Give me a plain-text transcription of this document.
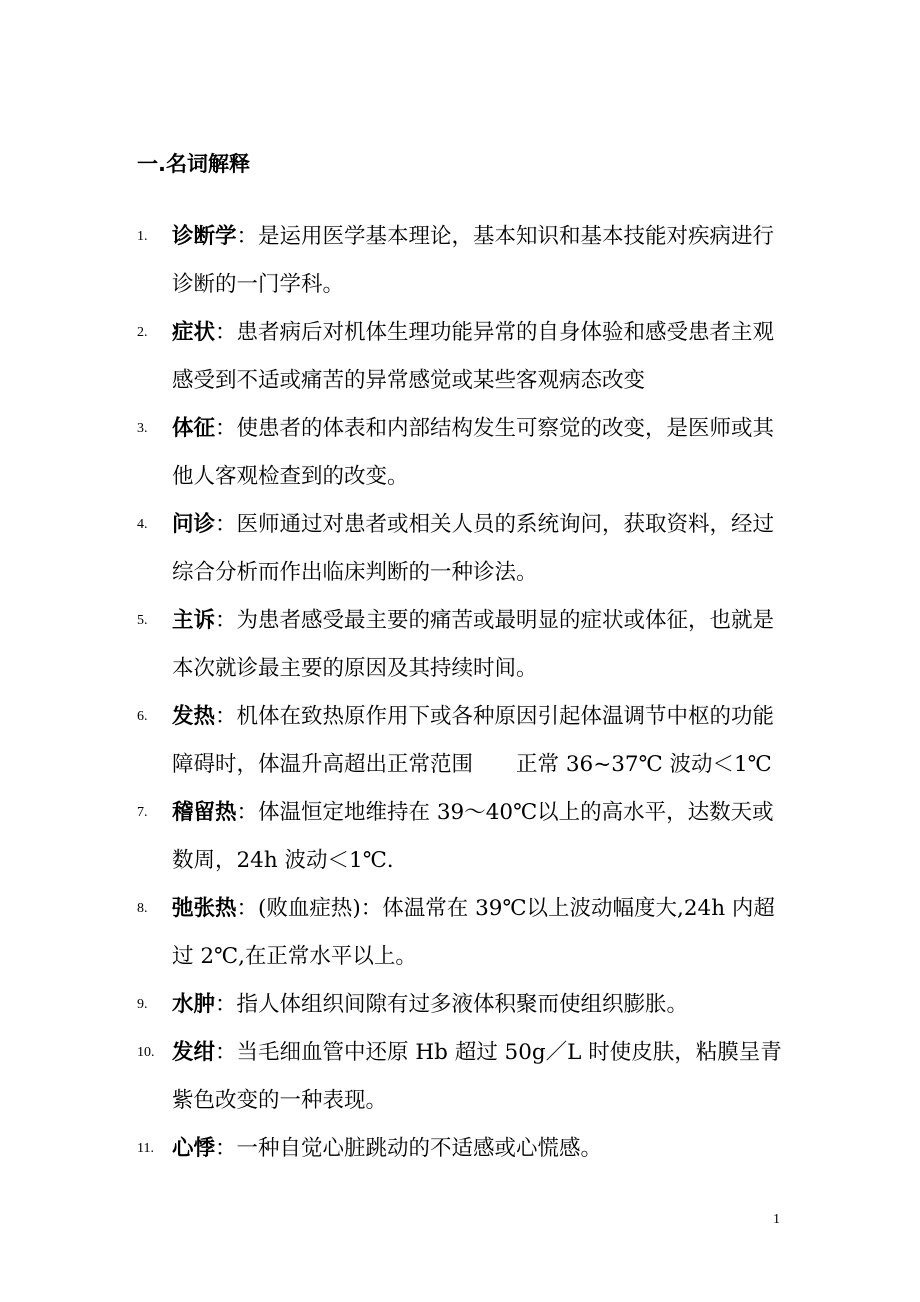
一.名词解释
1.	诊断学：是运用医学基本理论，基本知识和基本技能对疾病进行
诊断的一门学科。
2.	症状：患者病后对机体生理功能异常的自身体验和感受患者主观
感受到不适或痛苦的异常感觉或某些客观病态改变
3.	体征：使患者的体表和内部结构发生可察觉的改变，是医师或其
他人客观检查到的改变。
4.	问诊：医师通过对患者或相关人员的系统询问，获取资料，经过
综合分析而作出临床判断的一种诊法。
5.	主诉：为患者感受最主要的痛苦或最明显的症状或体征，也就是
本次就诊最主要的原因及其持续时间。
6.	发热：机体在致热原作用下或各种原因引起体温调节中枢的功能
障碍时，体温升高超出正常范围　　正常 36~37℃ 波动＜1℃
7.	稽留热：体温恒定地维持在 39～40℃以上的高水平，达数天或
数周，24h 波动＜1℃.
8.	弛张热：(败血症热)：体温常在 39℃以上波动幅度大,24h 内超
过 2℃,在正常水平以上。
9.	水肿：指人体组织间隙有过多液体积聚而使组织膨胀。
10. 发绀：当毛细血管中还原 Hb 超过 50g／L 时使皮肤，粘膜呈青
紫色改变的一种表现。
11. 心悸：一种自觉心脏跳动的不适感或心慌感。
1
